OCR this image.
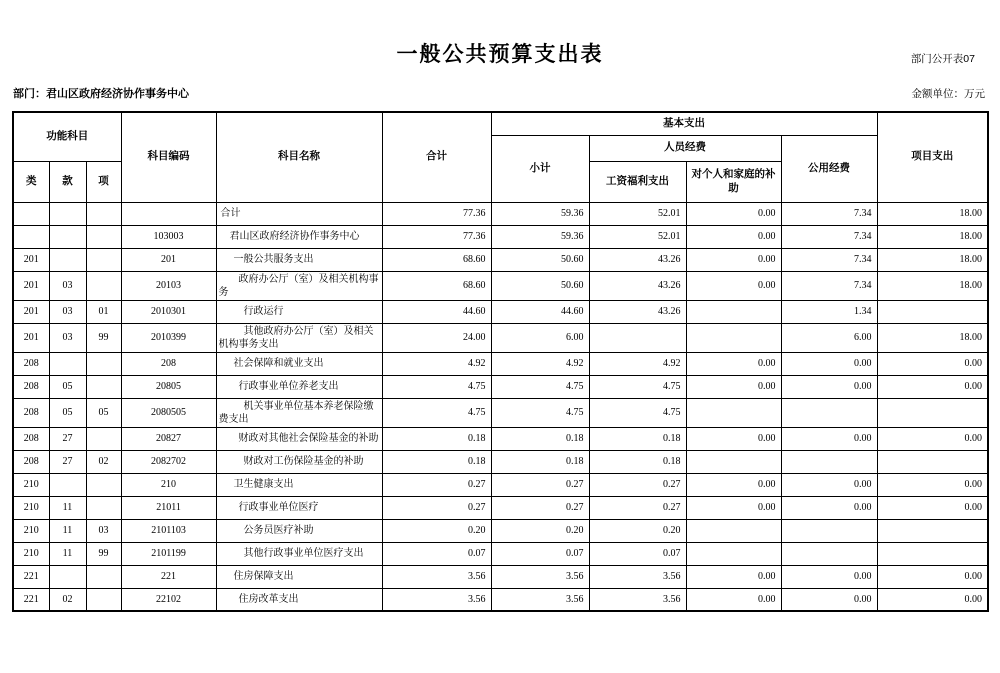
部门公开表07
一般公共预算支出表
部门：君山区政府经济协作事务中心	金额单位：万元
功能科目			科目编码	科目名称	合计	基本支出				项目支出
						小计	人员经费		公用经费	
类	款	项					工资福利支出	对个人和家庭的补助		
				合计	77.36	59.36	52.01	0.00	7.34	18.00
			103003	君山区政府经济协作事务中心	77.36	59.36	52.01	0.00	7.34	18.00
201			201	一般公共服务支出	68.60	50.60	43.26	0.00	7.34	18.00
201	03		20103	政府办公厅（室）及相关机构事务	68.60	50.60	43.26	0.00	7.34	18.00
201	03	01	2010301	行政运行	44.60	44.60	43.26		1.34	
201	03	99	2010399	其他政府办公厅（室）及相关机构事务支出	24.00	6.00			6.00	18.00
208			208	社会保障和就业支出	4.92	4.92	4.92	0.00	0.00	0.00
208	05		20805	行政事业单位养老支出	4.75	4.75	4.75	0.00	0.00	0.00
208	05	05	2080505	机关事业单位基本养老保险缴费支出	4.75	4.75	4.75			
208	27		20827	财政对其他社会保险基金的补助	0.18	0.18	0.18	0.00	0.00	0.00
208	27	02	2082702	财政对工伤保险基金的补助	0.18	0.18	0.18			
210			210	卫生健康支出	0.27	0.27	0.27	0.00	0.00	0.00
210	11		21011	行政事业单位医疗	0.27	0.27	0.27	0.00	0.00	0.00
210	11	03	2101103	公务员医疗补助	0.20	0.20	0.20			
210	11	99	2101199	其他行政事业单位医疗支出	0.07	0.07	0.07			
221			221	住房保障支出	3.56	3.56	3.56	0.00	0.00	0.00
221	02		22102	住房改革支出	3.56	3.56	3.56	0.00	0.00	0.00
